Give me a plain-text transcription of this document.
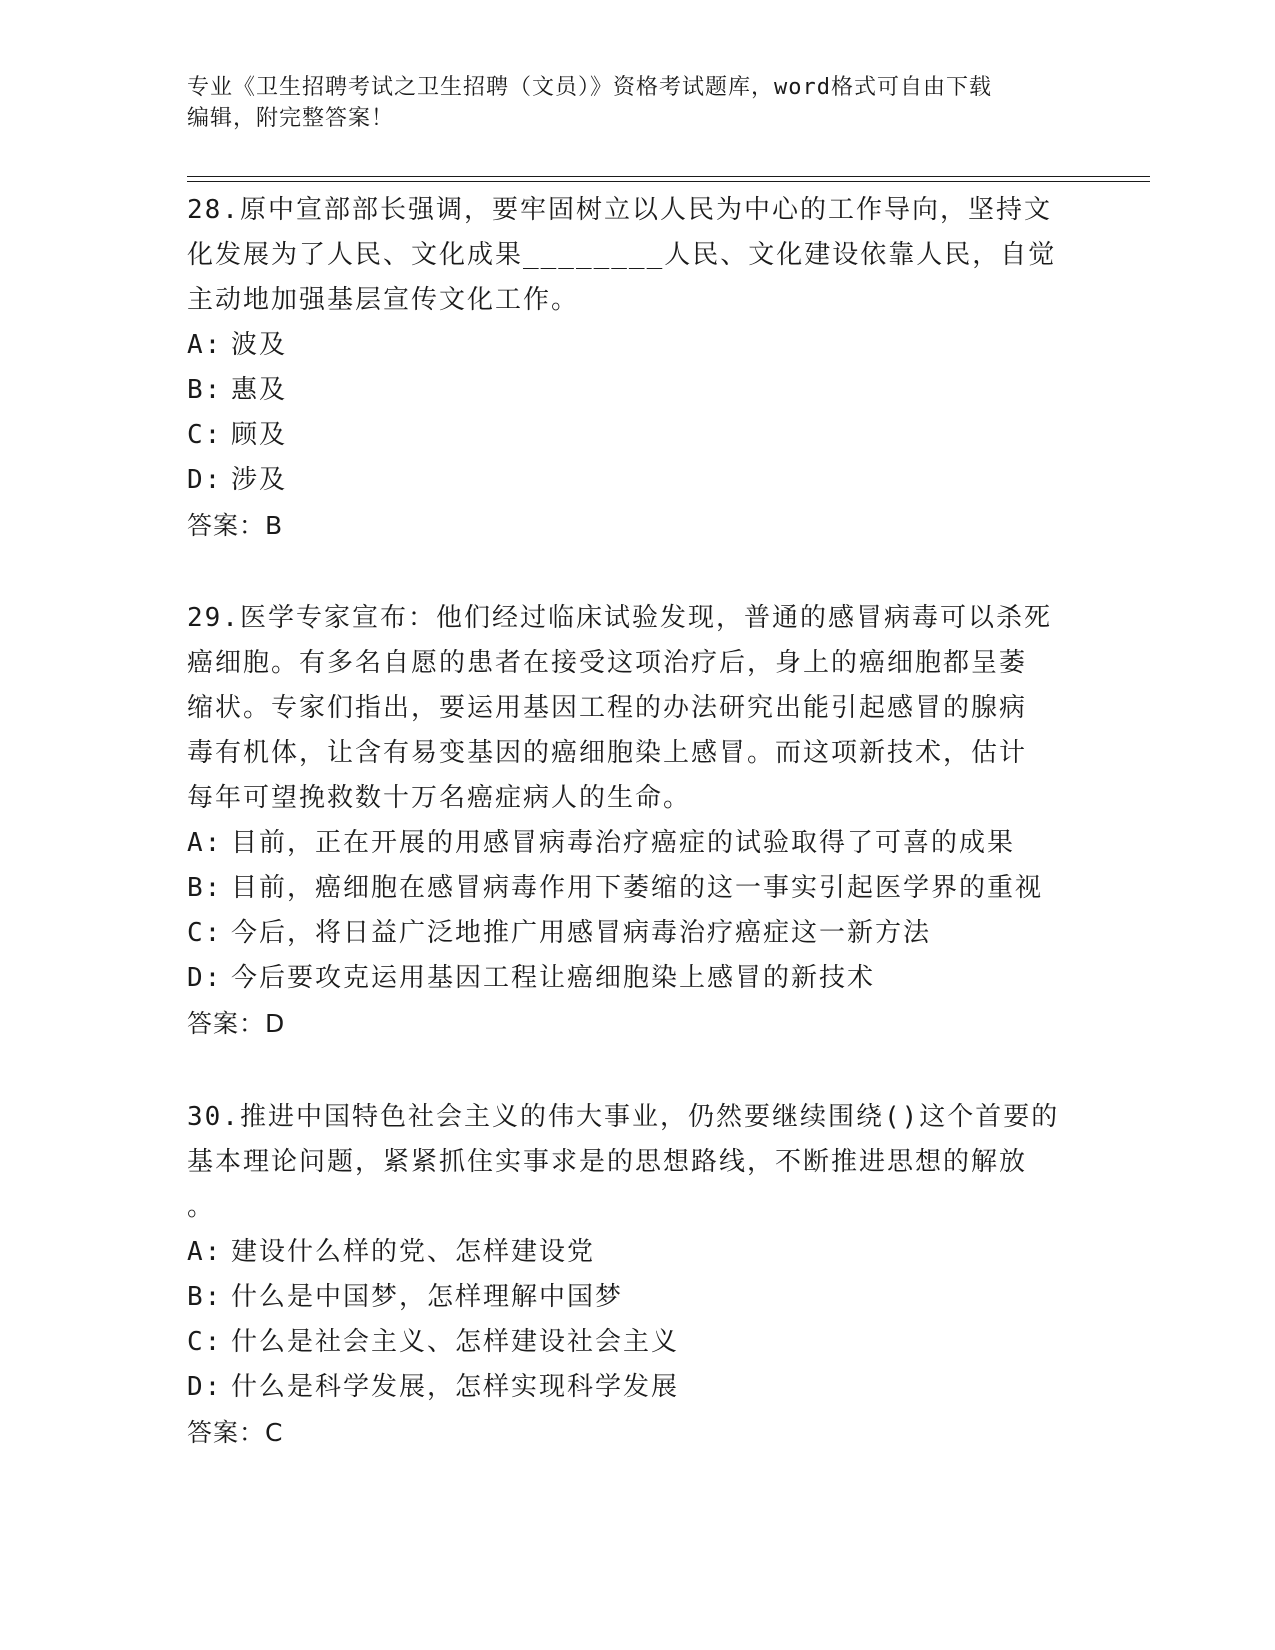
专业《卫生招聘考试之卫生招聘（文员）》资格考试题库，word格式可自由下载
编辑，附完整答案！
28.原中宣部部长强调，要牢固树立以人民为中心的工作导向，坚持文
化发展为了人民、文化成果________人民、文化建设依靠人民，自觉
主动地加强基层宣传文化工作。
A: 波及
B: 惠及
C: 顾及
D: 涉及
答案：B
29.医学专家宣布：他们经过临床试验发现，普通的感冒病毒可以杀死
癌细胞。有多名自愿的患者在接受这项治疗后，身上的癌细胞都呈萎
缩状。专家们指出，要运用基因工程的办法研究出能引起感冒的腺病
毒有机体，让含有易变基因的癌细胞染上感冒。而这项新技术，估计
每年可望挽救数十万名癌症病人的生命。
A: 目前，正在开展的用感冒病毒治疗癌症的试验取得了可喜的成果
B: 目前，癌细胞在感冒病毒作用下萎缩的这一事实引起医学界的重视
C: 今后，将日益广泛地推广用感冒病毒治疗癌症这一新方法
D: 今后要攻克运用基因工程让癌细胞染上感冒的新技术
答案：D
30.推进中国特色社会主义的伟大事业，仍然要继续围绕()这个首要的
基本理论问题，紧紧抓住实事求是的思想路线，不断推进思想的解放
。
A: 建设什么样的党、怎样建设党
B: 什么是中国梦，怎样理解中国梦
C: 什么是社会主义、怎样建设社会主义
D: 什么是科学发展，怎样实现科学发展
答案：C
